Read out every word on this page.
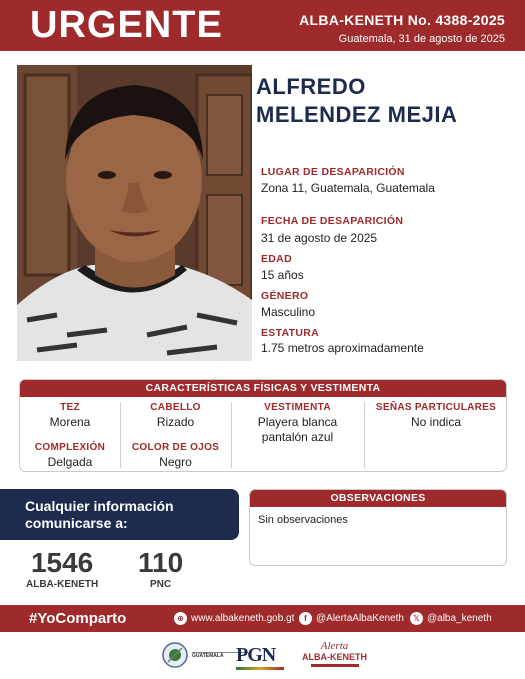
URGENTE	ALBA-KENETH No. 4388-2025
Guatemala, 31 de agosto de 2025
ALFREDO
MELENDEZ MEJIA
LUGAR DE DESAPARICIÓN
Zona 11, Guatemala, Guatemala
FECHA DE DESAPARICIÓN
31 de agosto de 2025
EDAD
15 años
GÉNERO
Masculino
ESTATURA
1.75 metros aproximadamente
CARACTERÍSTICAS FÍSICAS Y VESTIMENTA
TEZ
Morena
CABELLO
Rizado
VESTIMENTA
Playera blanca
pantalón azul
SEÑAS PARTICULARES
No indica
COMPLEXIÓN
Delgada
COLOR DE OJOS
Negro
Cualquier información
comunicarse a:
1546
ALBA-KENETH
110
PNC
OBSERVACIONES
Sin observaciones
#YoComparto	⊕ www.albakeneth.gob.gt	f @AlertaAlbaKeneth	𝕏 @alba_keneth
GUATEMALA PGN	Alerta
ALBA-KENETH
